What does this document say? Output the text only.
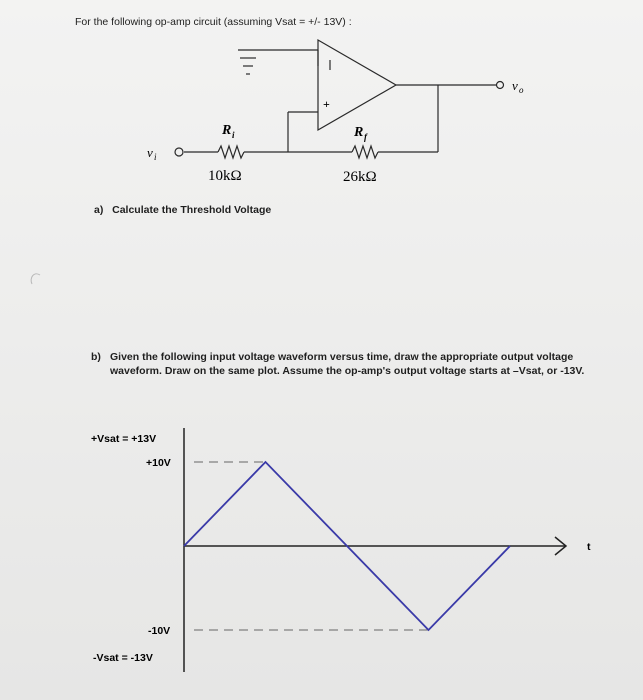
For the following op-amp circuit (assuming Vsat = +/- 13V) :
+
v i
v o
R i
10kΩ
R f
26kΩ
a) Calculate the Threshold Voltage
b) Given the following input voltage waveform versus time, draw the appropriate output voltage waveform. Draw on the same plot. Assume the op-amp's output voltage starts at –Vsat, or -13V.
t
+Vsat = +13V
+10V
-10V
-Vsat = -13V
